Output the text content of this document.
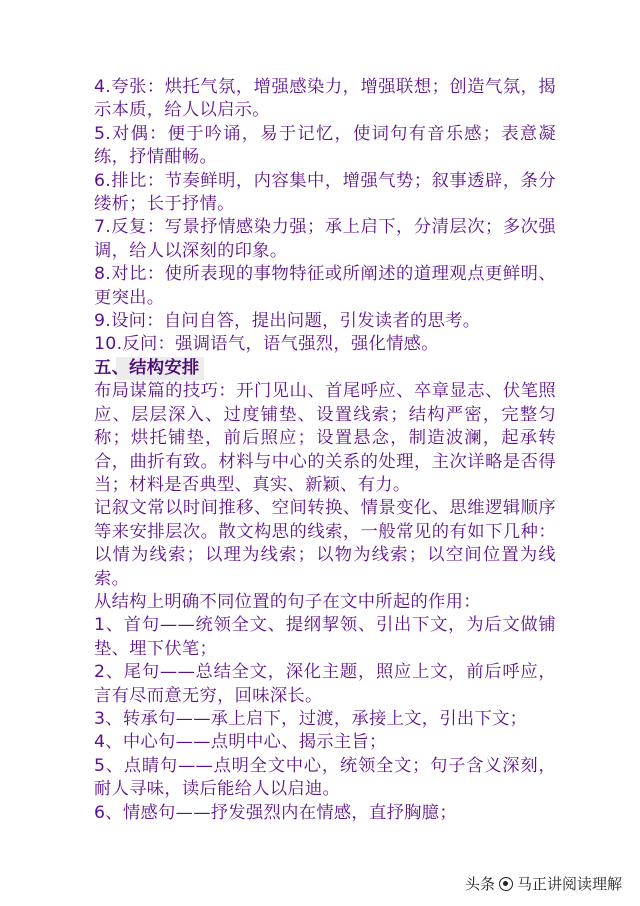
4.夸张：烘托气氛，增强感染力，增强联想；创造气氛，揭示本质，给人以启示。

5.对偶：便于吟诵，易于记忆，使词句有音乐感；表意凝练，抒情酣畅。

6.排比：节奏鲜明，内容集中，增强气势；叙事透辟，条分缕析；长于抒情。

7.反复：写景抒情感染力强；承上启下，分清层次；多次强调，给人以深刻的印象。

8.对比：使所表现的事物特征或所阐述的道理观点更鲜明、更突出。

9.设问：自问自答，提出问题，引发读者的思考。

10.反问：强调语气，语气强烈，强化情感。

五、结构安排

布局谋篇的技巧：开门见山、首尾呼应、卒章显志、伏笔照应、层层深入、过度铺垫、设置线索；结构严密，完整匀称；烘托铺垫，前后照应；设置悬念，制造波澜，起承转合，曲折有致。材料与中心的关系的处理，主次详略是否得当；材料是否典型、真实、新颖、有力。

记叙文常以时间推移、空间转换、情景变化、思维逻辑顺序等来安排层次。散文构思的线索，一般常见的有如下几种：以情为线索；以理为线索；以物为线索；以空间位置为线索。

从结构上明确不同位置的句子在文中所起的作用：

1、首句——统领全文、提纲挈领、引出下文，为后文做铺垫、埋下伏笔；

2、尾句——总结全文，深化主题，照应上文，前后呼应，言有尽而意无穷，回味深长。

3、转承句——承上启下，过渡，承接上文，引出下文；

4、中心句——点明中心、揭示主旨；

5、点睛句——点明全文中心，统领全文；句子含义深刻，耐人寻味，读后能给人以启迪。

6、情感句——抒发强烈内在情感，直抒胸臆；

头条 马正讲阅读理解
